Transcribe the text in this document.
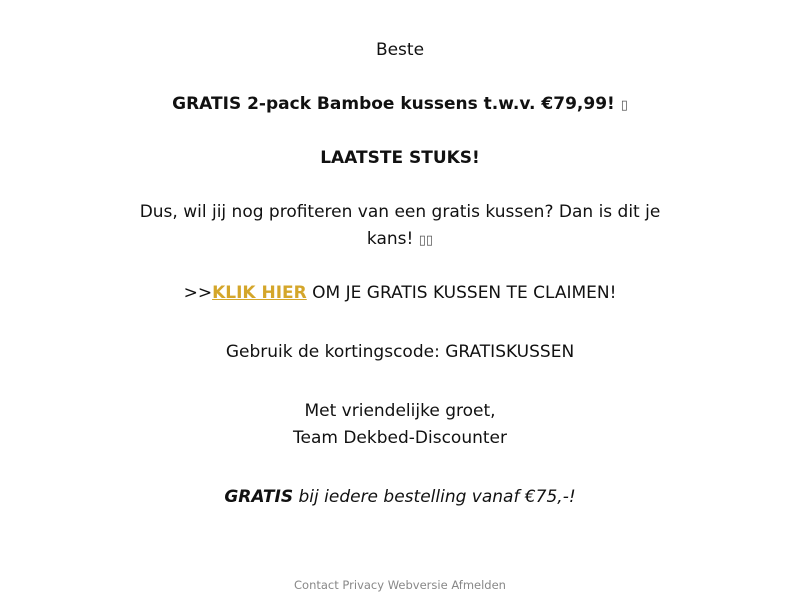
Beste
GRATIS 2-pack Bamboe kussens t.w.v. €79,99! ▯
LAATSTE STUKS!
Dus, wil jij nog profiteren van een gratis kussen? Dan is dit je
kans! ▯▯
>>KLIK HIER OM JE GRATIS KUSSEN TE CLAIMEN!
Gebruik de kortingscode: GRATISKUSSEN
Met vriendelijke groet,
Team Dekbed-Discounter
GRATIS bij iedere bestelling vanaf €75,-!
Contact Privacy Webversie Afmelden
